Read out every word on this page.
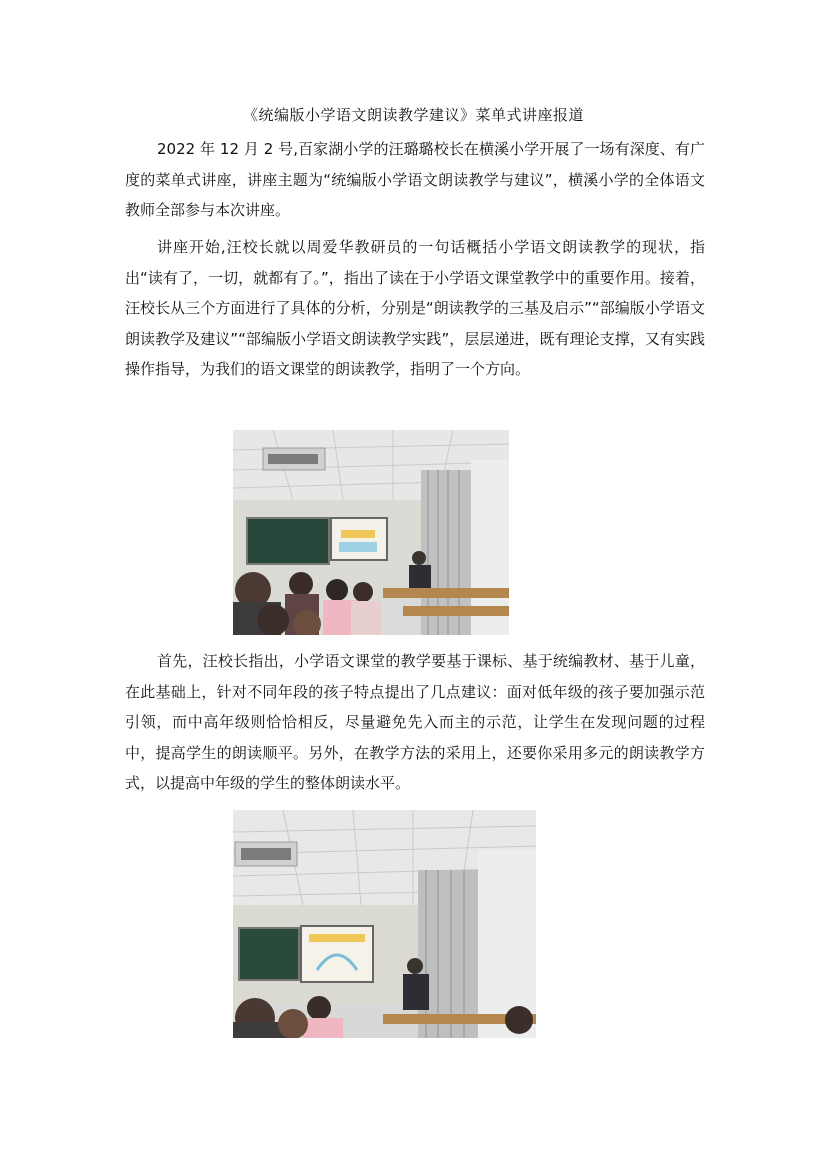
《统编版小学语文朗读教学建议》菜单式讲座报道

2022 年 12 月 2 号,百家湖小学的汪璐璐校长在横溪小学开展了一场有深度、有广度的菜单式讲座，讲座主题为“统编版小学语文朗读教学与建议”，横溪小学的全体语文教师全部参与本次讲座。

讲座开始,汪校长就以周爱华教研员的一句话概括小学语文朗读教学的现状，指出“读有了，一切，就都有了。”，指出了读在于小学语文课堂教学中的重要作用。接着，汪校长从三个方面进行了具体的分析，分别是“朗读教学的三基及启示”“部编版小学语文朗读教学及建议”“部编版小学语文朗读教学实践”，层层递进，既有理论支撑，又有实践操作指导，为我们的语文课堂的朗读教学，指明了一个方向。

首先，汪校长指出，小学语文课堂的教学要基于课标、基于统编教材、基于儿童，在此基础上，针对不同年段的孩子特点提出了几点建议：面对低年级的孩子要加强示范引领，而中高年级则恰恰相反，尽量避免先入而主的示范，让学生在发现问题的过程中，提高学生的朗读顺平。另外，在教学方法的采用上，还要你采用多元的朗读教学方式，以提高中年级的学生的整体朗读水平。
